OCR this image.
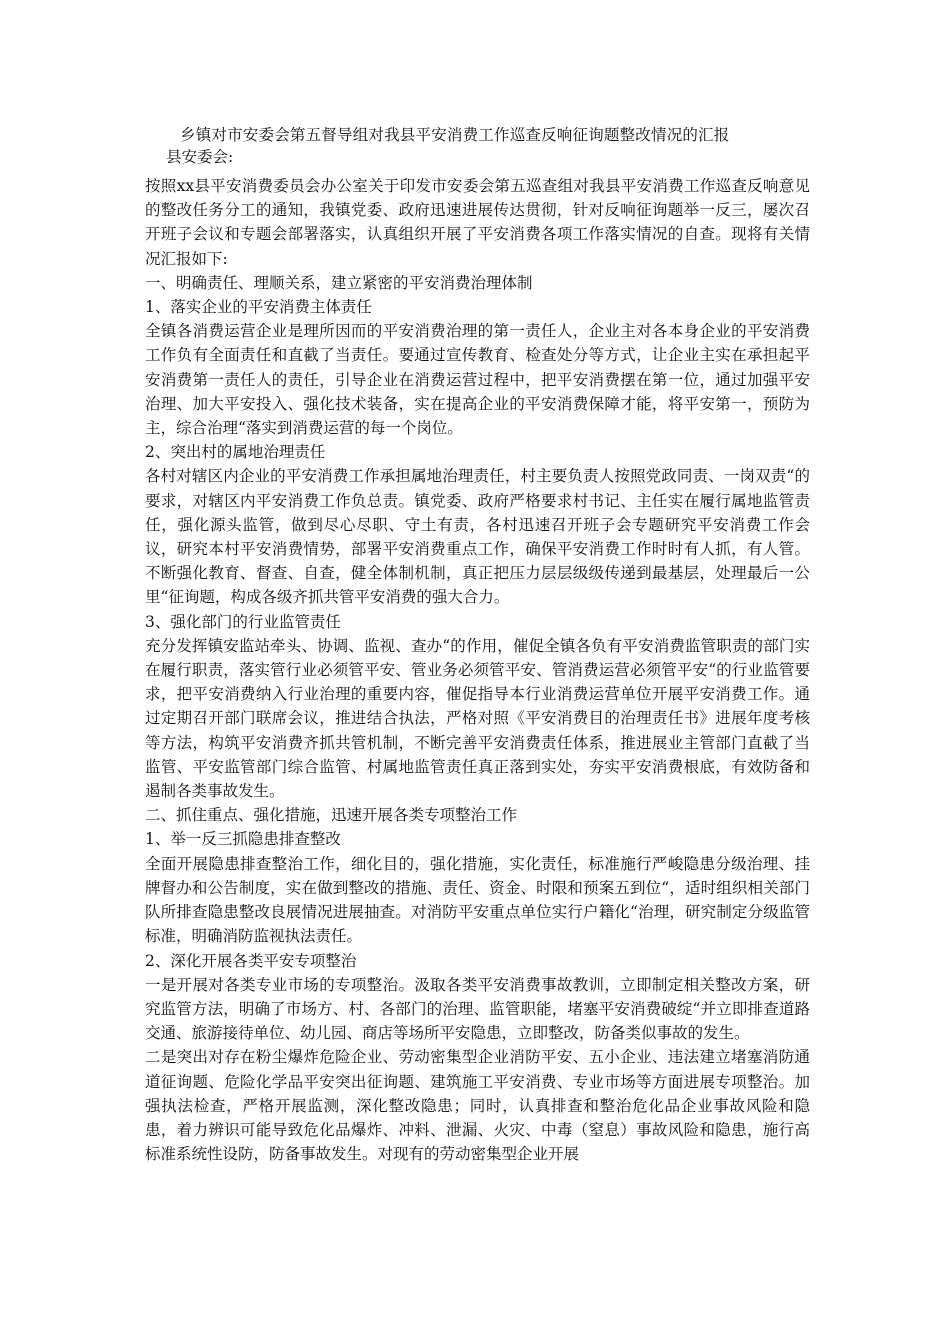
乡镇对市安委会第五督导组对我县平安消费工作巡查反响征询题整改情况的汇报
县安委会:

按照xx县平安消费委员会办公室关于印发市安委会第五巡查组对我县平安消费工作巡查反响意见的整改任务分工的通知，我镇党委、政府迅速进展传达贯彻，针对反响征询题举一反三，屡次召开班子会议和专题会部署落实，认真组织开展了平安消费各项工作落实情况的自查。现将有关情况汇报如下:

一、明确责任、理顺关系，建立紧密的平安消费治理体制

1、落实企业的平安消费主体责任

全镇各消费运营企业是理所因而的平安消费治理的第一责任人，企业主对各本身企业的平安消费工作负有全面责任和直截了当责任。要通过宣传教育、检查处分等方式，让企业主实在承担起平安消费第一责任人的责任，引导企业在消费运营过程中，把平安消费摆在第一位，通过加强平安治理、加大平安投入、强化技术装备，实在提高企业的平安消费保障才能，将平安第一，预防为主，综合治理“落实到消费运营的每一个岗位。

2、突出村的属地治理责任

各村对辖区内企业的平安消费工作承担属地治理责任，村主要负责人按照党政同责、一岗双责“的要求，对辖区内平安消费工作负总责。镇党委、政府严格要求村书记、主任实在履行属地监管责任，强化源头监管，做到尽心尽职、守土有责，各村迅速召开班子会专题研究平安消费工作会议，研究本村平安消费情势，部署平安消费重点工作，确保平安消费工作时时有人抓，有人管。不断强化教育、督查、自查，健全体制机制，真正把压力层层级级传递到最基层，处理最后一公里“征询题，构成各级齐抓共管平安消费的强大合力。

3、强化部门的行业监管责任

充分发挥镇安监站牵头、协调、监视、查办“的作用，催促全镇各负有平安消费监管职责的部门实在履行职责，落实管行业必须管平安、管业务必须管平安、管消费运营必须管平安“的行业监管要求，把平安消费纳入行业治理的重要内容，催促指导本行业消费运营单位开展平安消费工作。通过定期召开部门联席会议，推进结合执法，严格对照《平安消费目的治理责任书》进展年度考核等方法，构筑平安消费齐抓共管机制，不断完善平安消费责任体系，推进展业主管部门直截了当监管、平安监管部门综合监管、村属地监管责任真正落到实处，夯实平安消费根底，有效防备和遏制各类事故发生。

二、抓住重点、强化措施，迅速开展各类专项整治工作

1、举一反三抓隐患排查整改

全面开展隐患排查整治工作，细化目的，强化措施，实化责任，标准施行严峻隐患分级治理、挂牌督办和公告制度，实在做到整改的措施、责任、资金、时限和预案五到位“，适时组织相关部门队所排查隐患整改良展情况进展抽查。对消防平安重点单位实行户籍化“治理，研究制定分级监管标准，明确消防监视执法责任。

2、深化开展各类平安专项整治

一是开展对各类专业市场的专项整治。汲取各类平安消费事故教训，立即制定相关整改方案，研究监管方法，明确了市场方、村、各部门的治理、监管职能，堵塞平安消费破绽“并立即排查道路交通、旅游接待单位、幼儿园、商店等场所平安隐患，立即整改，防备类似事故的发生。

二是突出对存在粉尘爆炸危险企业、劳动密集型企业消防平安、五小企业、违法建立堵塞消防通道征询题、危险化学品平安突出征询题、建筑施工平安消费、专业市场等方面进展专项整治。加强执法检查，严格开展监测，深化整改隐患；同时，认真排查和整治危化品企业事故风险和隐患，着力辨识可能导致危化品爆炸、冲料、泄漏、火灾、中毒（窒息）事故风险和隐患，施行高标准系统性设防，防备事故发生。对现有的劳动密集型企业开展
